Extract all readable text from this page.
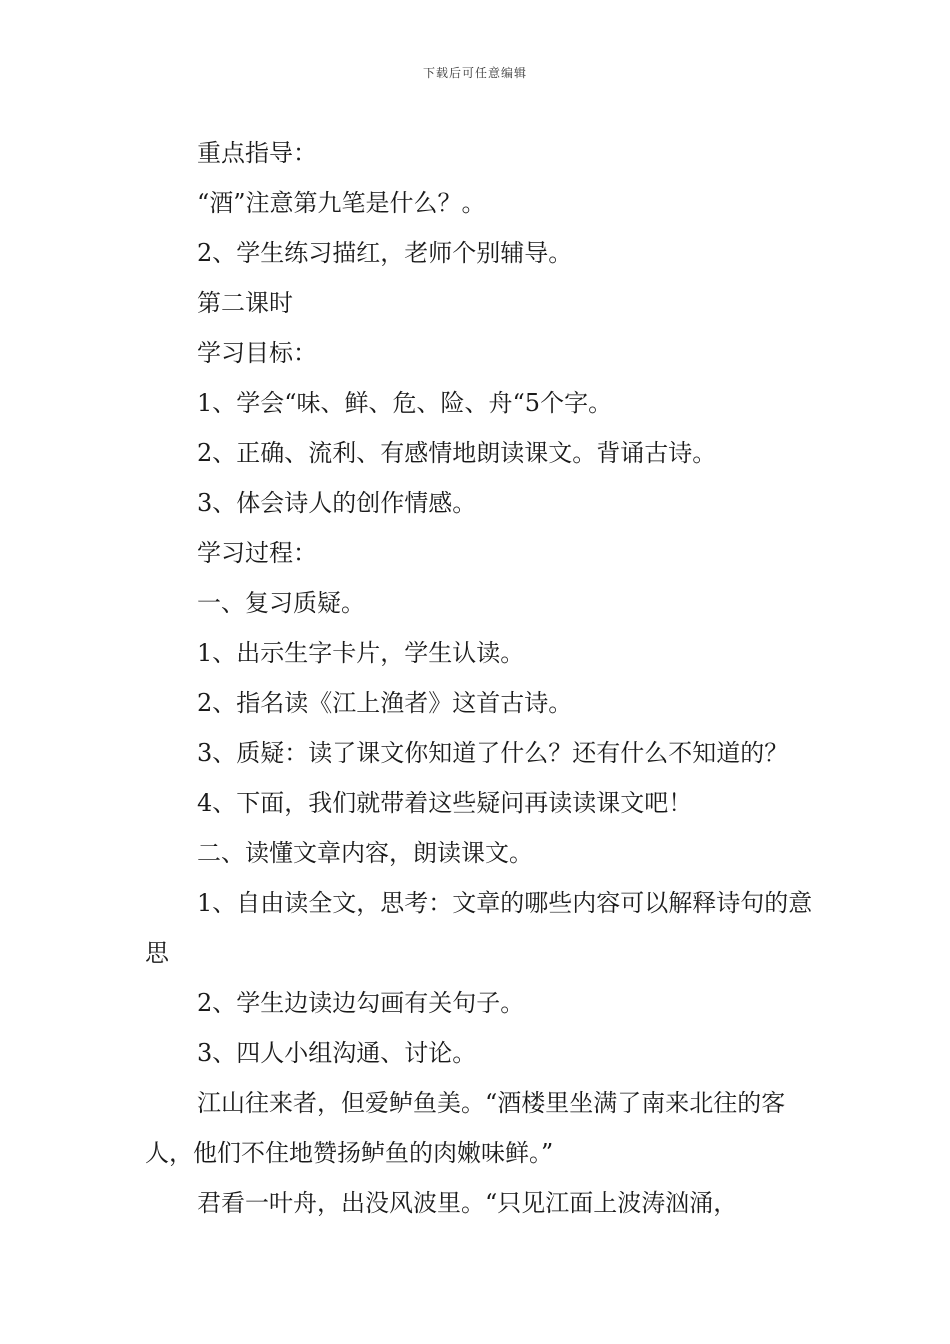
下载后可任意编辑

重点指导：

“酒”注意第九笔是什么？。

2、学生练习描红，老师个别辅导。

第二课时

学习目标：

1、学会“味、鲜、危、险、舟“5个字。

2、正确、流利、有感情地朗读课文。背诵古诗。

3、体会诗人的创作情感。

学习过程：

一、复习质疑。

1、出示生字卡片，学生认读。

2、指名读《江上渔者》这首古诗。

3、质疑：读了课文你知道了什么？还有什么不知道的？

4、下面，我们就带着这些疑问再读读课文吧！

二、读懂文章内容，朗读课文。

1、自由读全文，思考：文章的哪些内容可以解释诗句的意思

2、学生边读边勾画有关句子。

3、四人小组沟通、讨论。

江山往来者，但爱鲈鱼美。“酒楼里坐满了南来北往的客人，他们不住地赞扬鲈鱼的肉嫩味鲜。”

君看一叶舟，出没风波里。“只见江面上波涛汹涌，
